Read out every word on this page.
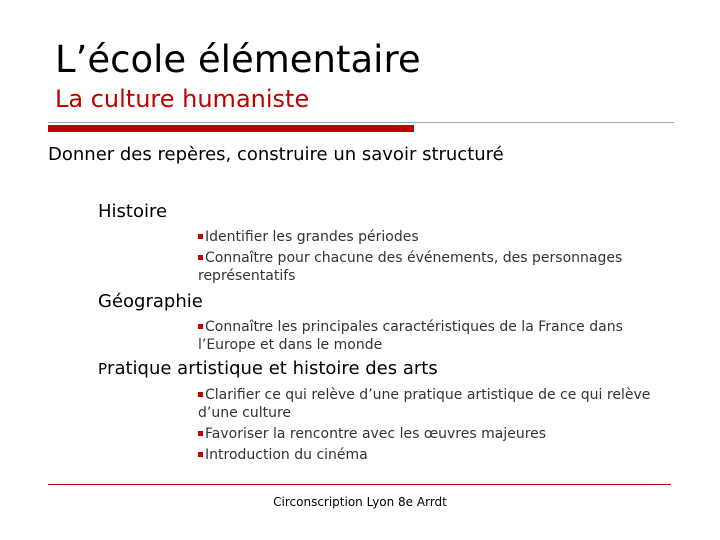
L’école élémentaire
La culture humaniste
Donner des repères, construire un savoir structuré
Histoire
Identifier les grandes périodes
Connaître pour chacune des événements, des personnages représentatifs
Géographie
Connaître les principales caractéristiques de la France dans l’Europe et dans le monde
Pratique artistique et histoire des arts
Clarifier ce qui relève d’une pratique artistique de ce qui relève d’une culture
Favoriser la rencontre avec les œuvres majeures
Introduction du cinéma
Circonscription Lyon 8e Arrdt
